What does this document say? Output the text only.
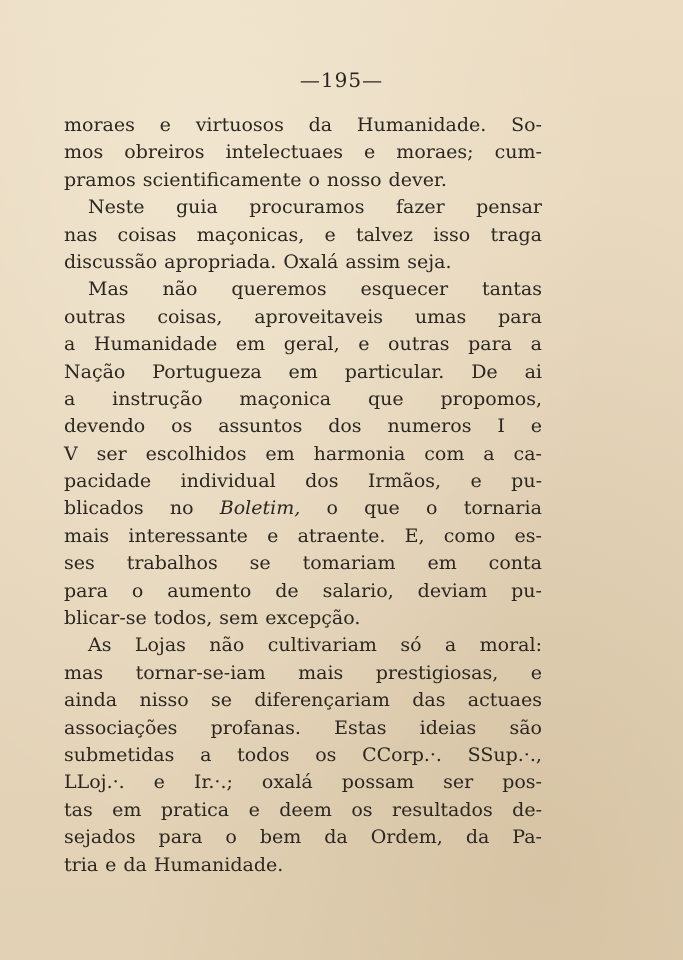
—195—
moraes e virtuosos da Humanidade. So-
mos obreiros intelectuaes e moraes; cum-
pramos scientificamente o nosso dever.
Neste guia procuramos fazer pensar
nas coisas maçonicas, e talvez isso traga
discussão apropriada. Oxalá assim seja.
Mas não queremos esquecer tantas
outras coisas, aproveitaveis umas para
a Humanidade em geral, e outras para a
Nação Portugueza em particular. De ai
a instrução maçonica que propomos,
devendo os assuntos dos numeros I e
V ser escolhidos em harmonia com a ca-
pacidade individual dos Irmãos, e pu-
blicados no Boletim, o que o tornaria
mais interessante e atraente. E, como es-
ses trabalhos se tomariam em conta
para o aumento de salario, deviam pu-
blicar-se todos, sem excepção.
As Lojas não cultivariam só a moral:
mas tornar-se-iam mais prestigiosas, e
ainda nisso se diferençariam das actuaes
associações profanas. Estas ideias são
submetidas a todos os CCorp.·. SSup.·.,
LLoj.·. e Ir.·.; oxalá possam ser pos-
tas em pratica e deem os resultados de-
sejados para o bem da Ordem, da Pa-
tria e da Humanidade.
